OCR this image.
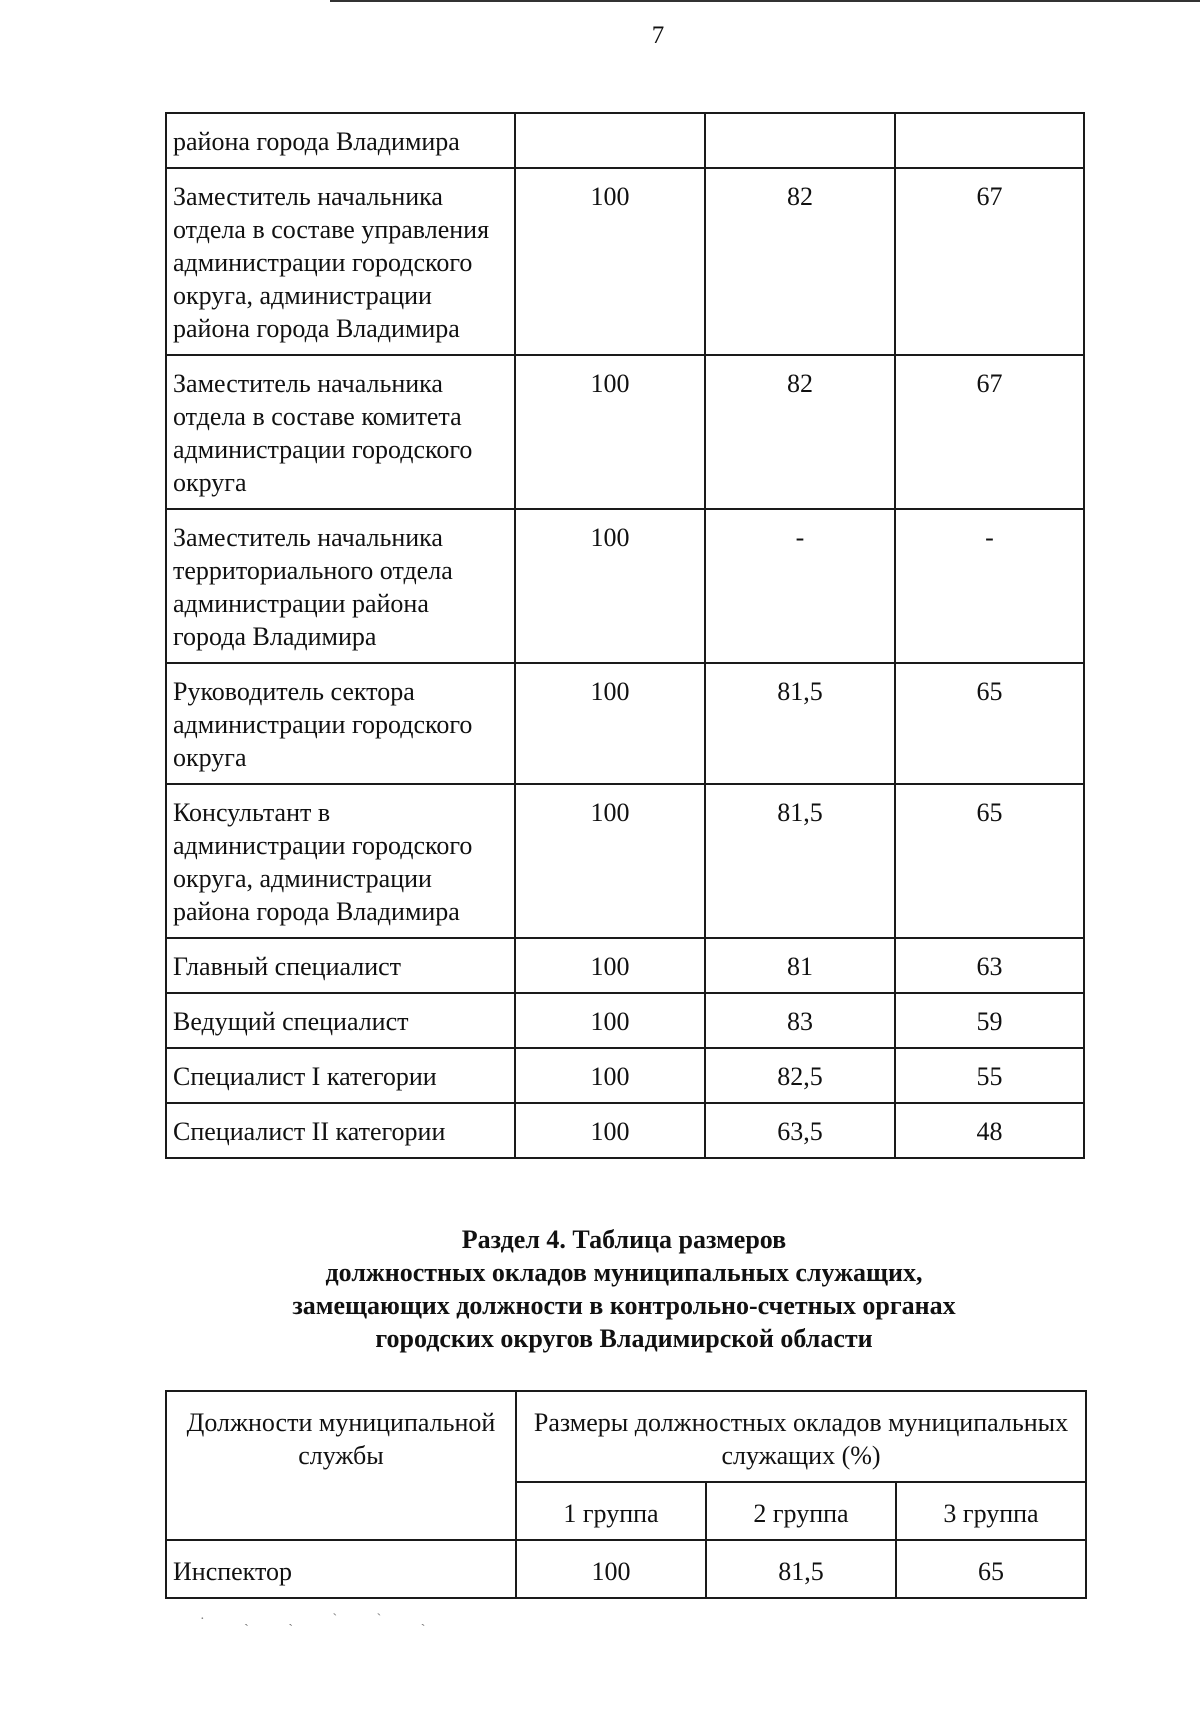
7
района города Владимира			
Заместитель начальника отдела в составе управления администрации городского округа, администрации района города Владимира	100	82	67
Заместитель начальника отдела в составе комитета администрации городского округа	100	82	67
Заместитель начальника территориального отдела администрации района города Владимира	100	-	-
Руководитель сектора администрации городского округа	100	81,5	65
Консультант в администрации городского округа, администрации района города Владимира	100	81,5	65
Главный специалист	100	81	63
Ведущий специалист	100	83	59
Специалист I категории	100	82,5	55
Специалист II категории	100	63,5	48
Раздел 4. Таблица размеров
должностных окладов муниципальных служащих,
замещающих должности в контрольно-счетных органах
городских округов Владимирской области
Должности муниципальной службы	Размеры должностных окладов муниципальных служащих (%)		
	1 группа	2 группа	3 группа
Инспектор	100	81,5	65
· ˎ ˎ ˋ ˋ ˎ
